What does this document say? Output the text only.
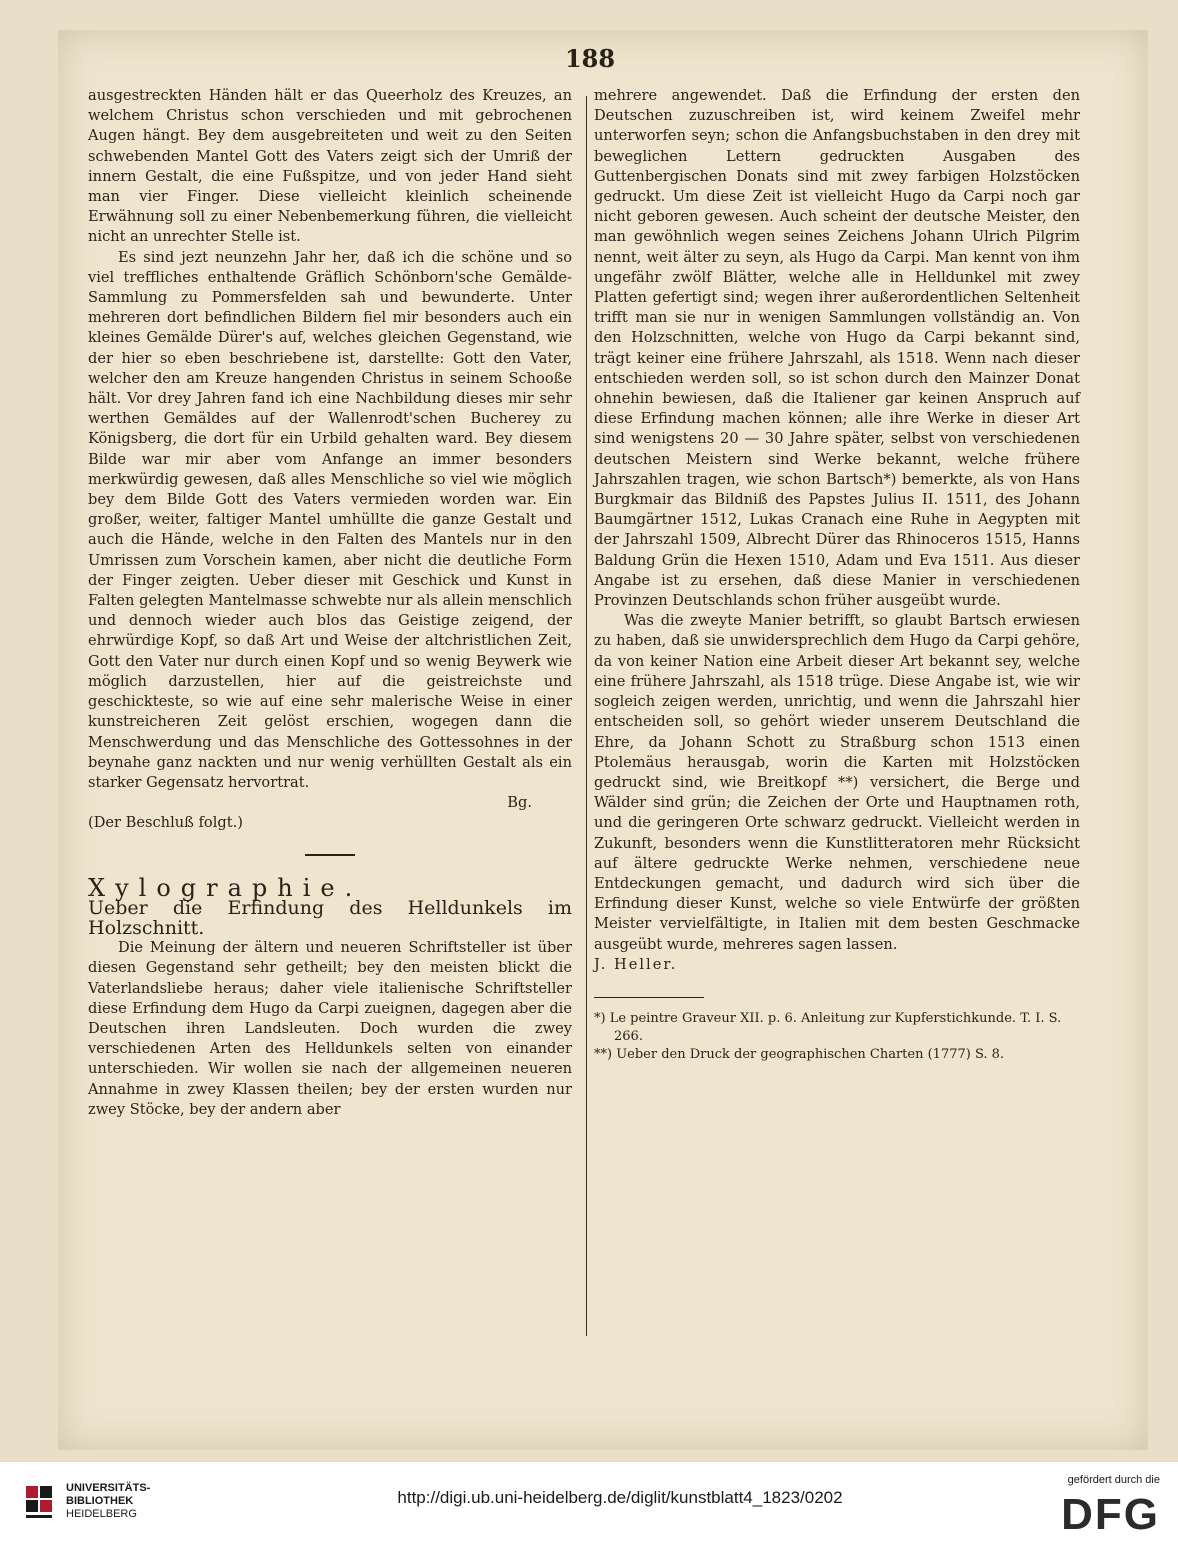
188

ausgestreckten Händen hält er das Queerholz des Kreuzes, an welchem Christus schon verschieden und mit gebrochenen Augen hängt. Bey dem ausgebreiteten und weit zu den Seiten schwebenden Mantel Gott des Vaters zeigt sich der Umriß der innern Gestalt, die eine Fußspitze, und von jeder Hand sieht man vier Finger. Diese vielleicht kleinlich scheinende Erwähnung soll zu einer Nebenbemerkung führen, die vielleicht nicht an unrechter Stelle ist.

Es sind jezt neunzehn Jahr her, daß ich die schöne und so viel treffliches enthaltende Gräflich Schönborn'sche Gemälde-Sammlung zu Pommersfelden sah und bewunderte. Unter mehreren dort befindlichen Bildern fiel mir besonders auch ein kleines Gemälde Dürer's auf, welches gleichen Gegenstand, wie der hier so eben beschriebene ist, darstellte: Gott den Vater, welcher den am Kreuze hangenden Christus in seinem Schooße hält. Vor drey Jahren fand ich eine Nachbildung dieses mir sehr werthen Gemäldes auf der Wallenrodt'schen Bucherey zu Königsberg, die dort für ein Urbild gehalten ward. Bey diesem Bilde war mir aber vom Anfange an immer besonders merkwürdig gewesen, daß alles Menschliche so viel wie möglich bey dem Bilde Gott des Vaters vermieden worden war. Ein großer, weiter, faltiger Mantel umhüllte die ganze Gestalt und auch die Hände, welche in den Falten des Mantels nur in den Umrissen zum Vorschein kamen, aber nicht die deutliche Form der Finger zeigten. Ueber dieser mit Geschick und Kunst in Falten gelegten Mantelmasse schwebte nur als allein menschlich und dennoch wieder auch blos das Geistige zeigend, der ehrwürdige Kopf, so daß Art und Weise der altchristlichen Zeit, Gott den Vater nur durch einen Kopf und so wenig Beywerk wie möglich darzustellen, hier auf die geistreichste und geschickteste, so wie auf eine sehr malerische Weise in einer kunstreicheren Zeit gelöst erschien, wogegen dann die Menschwerdung und das Menschliche des Gottessohnes in der beynahe ganz nackten und nur wenig verhüllten Gestalt als ein starker Gegensatz hervortrat.

Bg.

(Der Beschluß folgt.)

Xylographie.

Ueber die Erfindung des Helldunkels im Holzschnitt.

Die Meinung der ältern und neueren Schriftsteller ist über diesen Gegenstand sehr getheilt; bey den meisten blickt die Vaterlandsliebe heraus; daher viele italienische Schriftsteller diese Erfindung dem Hugo da Carpi zueignen, dagegen aber die Deutschen ihren Landsleuten. Doch wurden die zwey verschiedenen Arten des Helldunkels selten von einander unterschieden. Wir wollen sie nach der allgemeinen neueren Annahme in zwey Klassen theilen; bey der ersten wurden nur zwey Stöcke, bey der andern aber

mehrere angewendet. Daß die Erfindung der ersten den Deutschen zuzuschreiben ist, wird keinem Zweifel mehr unterworfen seyn; schon die Anfangsbuchstaben in den drey mit beweglichen Lettern gedruckten Ausgaben des Guttenbergischen Donats sind mit zwey farbigen Holzstöcken gedruckt. Um diese Zeit ist vielleicht Hugo da Carpi noch gar nicht geboren gewesen. Auch scheint der deutsche Meister, den man gewöhnlich wegen seines Zeichens Johann Ulrich Pilgrim nennt, weit älter zu seyn, als Hugo da Carpi. Man kennt von ihm ungefähr zwölf Blätter, welche alle in Helldunkel mit zwey Platten gefertigt sind; wegen ihrer außerordentlichen Seltenheit trifft man sie nur in wenigen Sammlungen vollständig an. Von den Holzschnitten, welche von Hugo da Carpi bekannt sind, trägt keiner eine frühere Jahrszahl, als 1518. Wenn nach dieser entschieden werden soll, so ist schon durch den Mainzer Donat ohnehin bewiesen, daß die Italiener gar keinen Anspruch auf diese Erfindung machen können; alle ihre Werke in dieser Art sind wenigstens 20 — 30 Jahre später, selbst von verschiedenen deutschen Meistern sind Werke bekannt, welche frühere Jahrszahlen tragen, wie schon Bartsch*) bemerkte, als von Hans Burgkmair das Bildniß des Papstes Julius II. 1511, des Johann Baumgärtner 1512, Lukas Cranach eine Ruhe in Aegypten mit der Jahrszahl 1509, Albrecht Dürer das Rhinoceros 1515, Hanns Baldung Grün die Hexen 1510, Adam und Eva 1511. Aus dieser Angabe ist zu ersehen, daß diese Manier in verschiedenen Provinzen Deutschlands schon früher ausgeübt wurde.

Was die zweyte Manier betrifft, so glaubt Bartsch erwiesen zu haben, daß sie unwidersprechlich dem Hugo da Carpi gehöre, da von keiner Nation eine Arbeit dieser Art bekannt sey, welche eine frühere Jahrszahl, als 1518 trüge. Diese Angabe ist, wie wir sogleich zeigen werden, unrichtig, und wenn die Jahrszahl hier entscheiden soll, so gehört wieder unserem Deutschland die Ehre, da Johann Schott zu Straßburg schon 1513 einen Ptolemäus herausgab, worin die Karten mit Holzstöcken gedruckt sind, wie Breitkopf **) versichert, die Berge und Wälder sind grün; die Zeichen der Orte und Hauptnamen roth, und die geringeren Orte schwarz gedruckt. Vielleicht werden in Zukunft, besonders wenn die Kunstlitteratoren mehr Rücksicht auf ältere gedruckte Werke nehmen, verschiedene neue Entdeckungen gemacht, und dadurch wird sich über die Erfindung dieser Kunst, welche so viele Entwürfe der größten Meister vervielfältigte, in Italien mit dem besten Geschmacke ausgeübt wurde, mehreres sagen lassen.

J. Heller.

*) Le peintre Graveur XII. p. 6. Anleitung zur Kupferstichkunde. T. I. S. 266.

**) Ueber den Druck der geographischen Charten (1777) S. 8.

UNIVERSITÄTS-
BIBLIOTHEK
HEIDELBERG
http://digi.ub.uni-heidelberg.de/diglit/kunstblatt4_1823/0202
gefördert durch die
DFG
